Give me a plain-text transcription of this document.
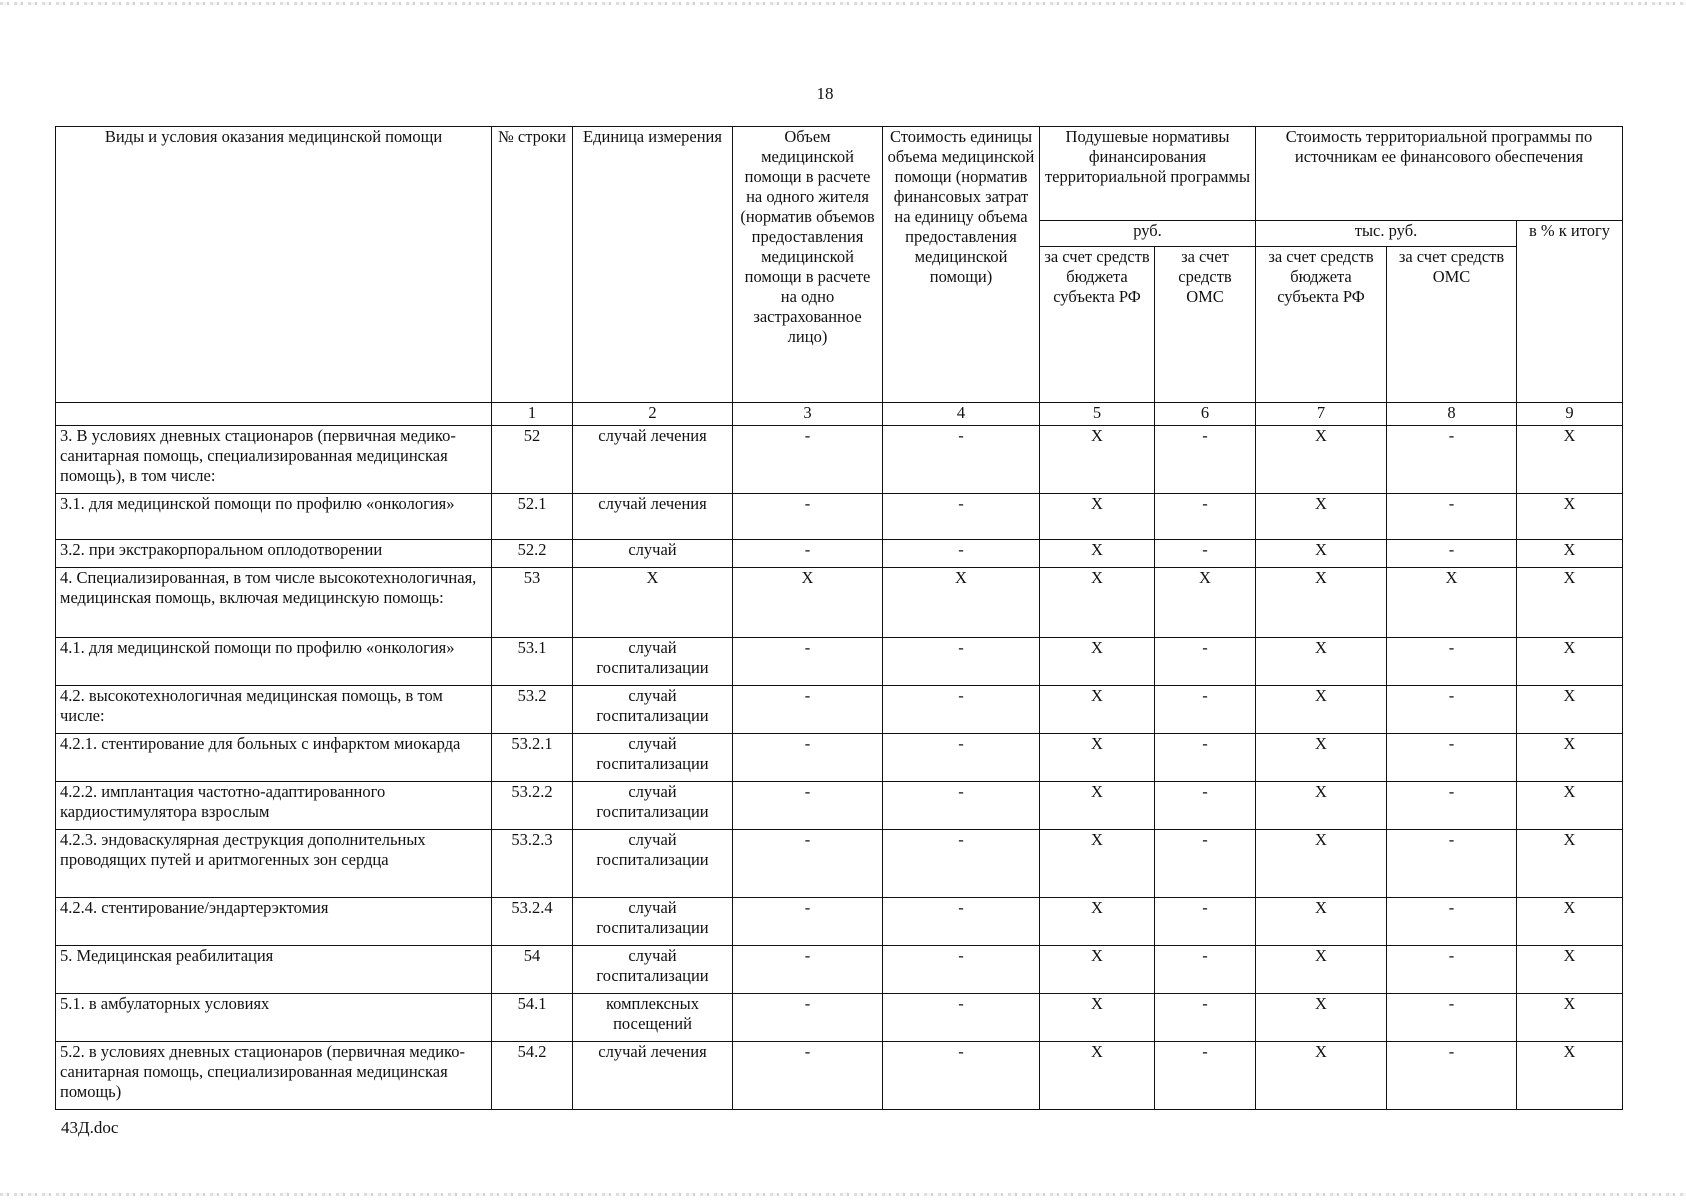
18
Виды и условия оказания медицинской помощи	№ строки	Единица измерения	Объем медицинской помощи в расчете на одного жителя (норматив объемов предоставления медицинской помощи в расчете на одно застрахованное лицо)	Стоимость единицы объема медицинской помощи (норматив финансовых затрат на единицу объема предоставления медицинской помощи)	Подушевые нормативы финансирования территориальной программы		Стоимость территориальной программы по источникам ее финансового обеспечения		
					руб.		тыс. руб.		в % к итогу
					за счет средств бюджета субъекта РФ	за счет средств ОМС	за счет средств бюджета субъекта РФ	за счет средств ОМС	
	1	2	3	4	5	6	7	8	9
3. В условиях дневных стационаров (первичная медико-санитарная помощь, специализированная медицинская помощь), в том числе:	52	случай лечения	-	-	X	-	X	-	X
3.1. для медицинской помощи по профилю «онкология»	52.1	случай лечения	-	-	X	-	X	-	X
3.2. при экстракорпоральном оплодотворении	52.2	случай	-	-	X	-	X	-	X
4. Специализированная, в том числе высокотехнологичная, медицинская помощь, включая медицинскую помощь:	53	X	X	X	X	X	X	X	X
4.1. для медицинской помощи по профилю «онкология»	53.1	случай госпитализации	-	-	X	-	X	-	X
4.2. высокотехнологичная медицинская помощь, в том числе:	53.2	случай госпитализации	-	-	X	-	X	-	X
4.2.1. стентирование для больных с инфарктом миокарда	53.2.1	случай госпитализации	-	-	X	-	X	-	X
4.2.2. имплантация частотно-адаптированного кардиостимулятора взрослым	53.2.2	случай госпитализации	-	-	X	-	X	-	X
4.2.3. эндоваскулярная деструкция дополнительных проводящих путей и аритмогенных зон сердца	53.2.3	случай госпитализации	-	-	X	-	X	-	X
4.2.4. стентирование/эндартерэктомия	53.2.4	случай госпитализации	-	-	X	-	X	-	X
5. Медицинская реабилитация	54	случай госпитализации	-	-	X	-	X	-	X
5.1. в амбулаторных условиях	54.1	комплексных посещений	-	-	X	-	X	-	X
5.2. в условиях дневных стационаров (первичная медико-санитарная помощь, специализированная медицинская помощь)	54.2	случай лечения	-	-	X	-	X	-	X
43Д.doc
